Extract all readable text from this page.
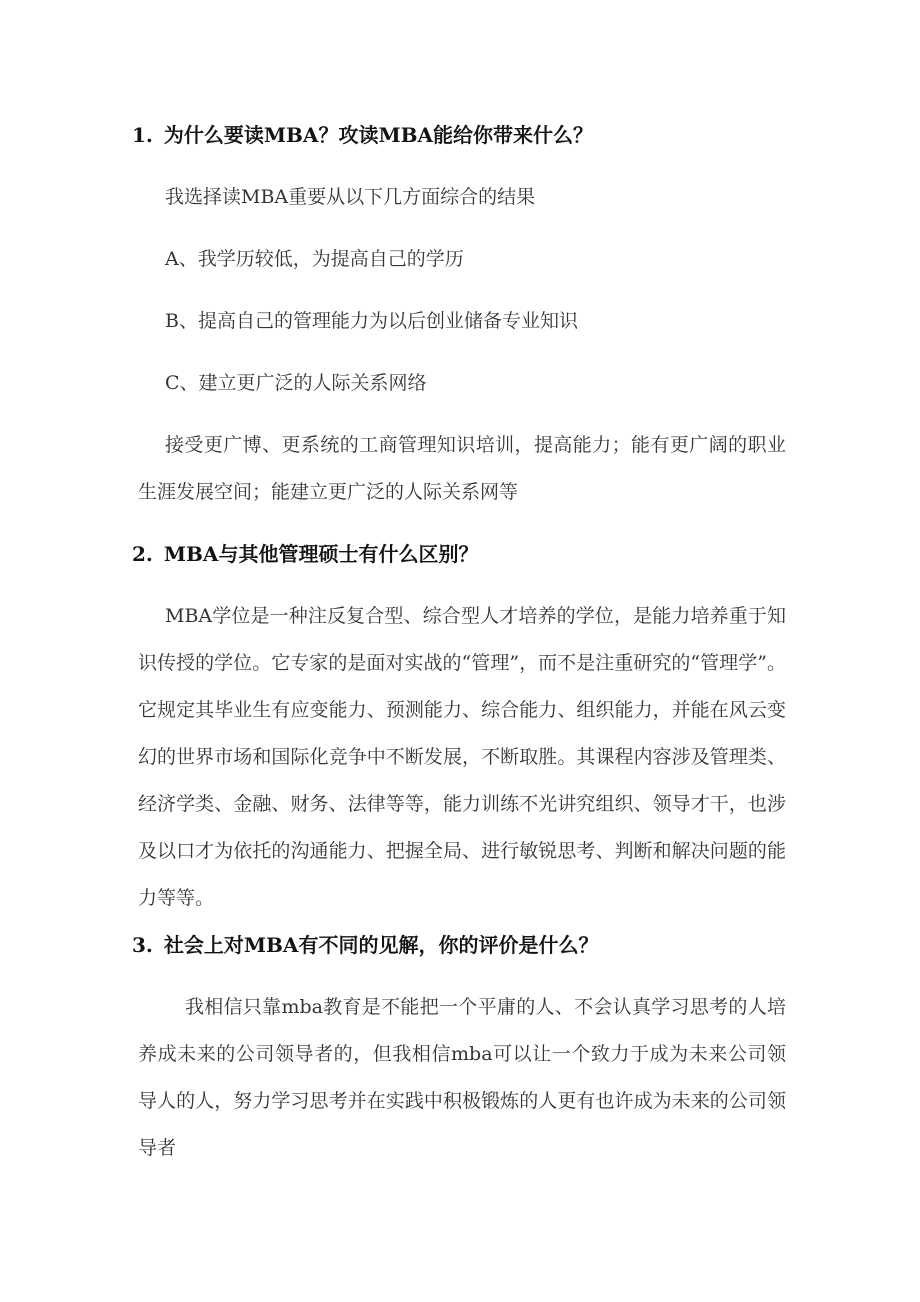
1. 为什么要读MBA？攻读MBA能给你带来什么？
我选择读MBA重要从以下几方面综合的结果
A、我学历较低，为提高自己的学历
B、提高自己的管理能力为以后创业储备专业知识
C、建立更广泛的人际关系网络
接受更广博、更系统的工商管理知识培训，提高能力；能有更广阔的职业生涯发展空间；能建立更广泛的人际关系网等
2. MBA与其他管理硕士有什么区别？
MBA学位是一种注反复合型、综合型人才培养的学位，是能力培养重于知识传授的学位。它专家的是面对实战的“管理”，而不是注重研究的“管理学”。它规定其毕业生有应变能力、预测能力、综合能力、组织能力，并能在风云变幻的世界市场和国际化竞争中不断发展，不断取胜。其课程内容涉及管理类、经济学类、金融、财务、法律等等，能力训练不光讲究组织、领导才干，也涉及以口才为依托的沟通能力、把握全局、进行敏锐思考、判断和解决问题的能力等等。
3. 社会上对MBA有不同的见解，你的评价是什么？
我相信只靠mba教育是不能把一个平庸的人、不会认真学习思考的人培养成未来的公司领导者的，但我相信mba可以让一个致力于成为未来公司领导人的人，努力学习思考并在实践中积极锻炼的人更有也许成为未来的公司领导者
